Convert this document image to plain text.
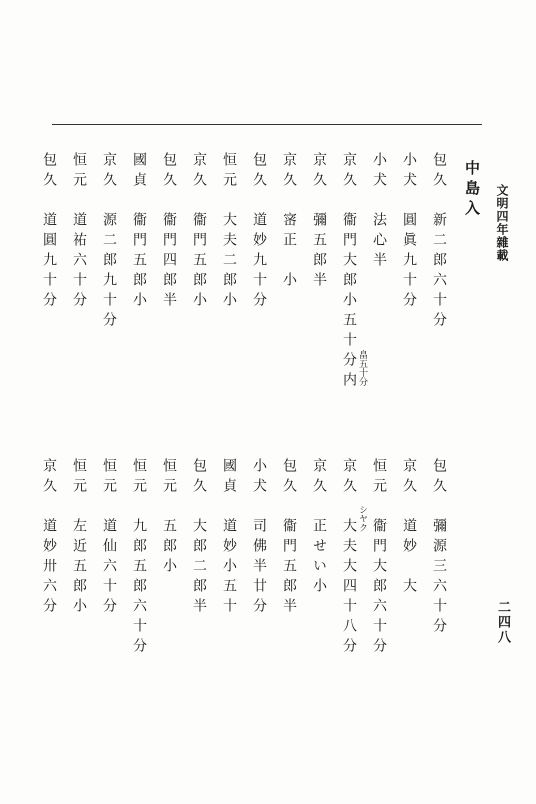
文明四年雜載
二四八
中島入
包久新二郎六十分
小犬圓眞九十分
小犬法心半
京久衞門大郎小五十分内 畠五十分
京久彌五郎半
京久宻正　小
包久道妙九十分
恒元大夫二郎小
京久衞門五郎小
包久衞門四郎半
國貞衞門五郎小
京久源二郎九十分
恒元道祐六十分
包久道圓九十分
包久彌源三六十分
京久道妙　大
恒元衞門大郎六十分
京久大夫大四十八分 シヤク
京久正せい小
包久衞門五郎半
小犬司佛半廿分
國貞道妙小五十
包久大郎二郎半
恒元五郎小
恒元九郎五郎六十分
恒元道仙六十分
恒元左近五郎小
京久道妙卅六分
